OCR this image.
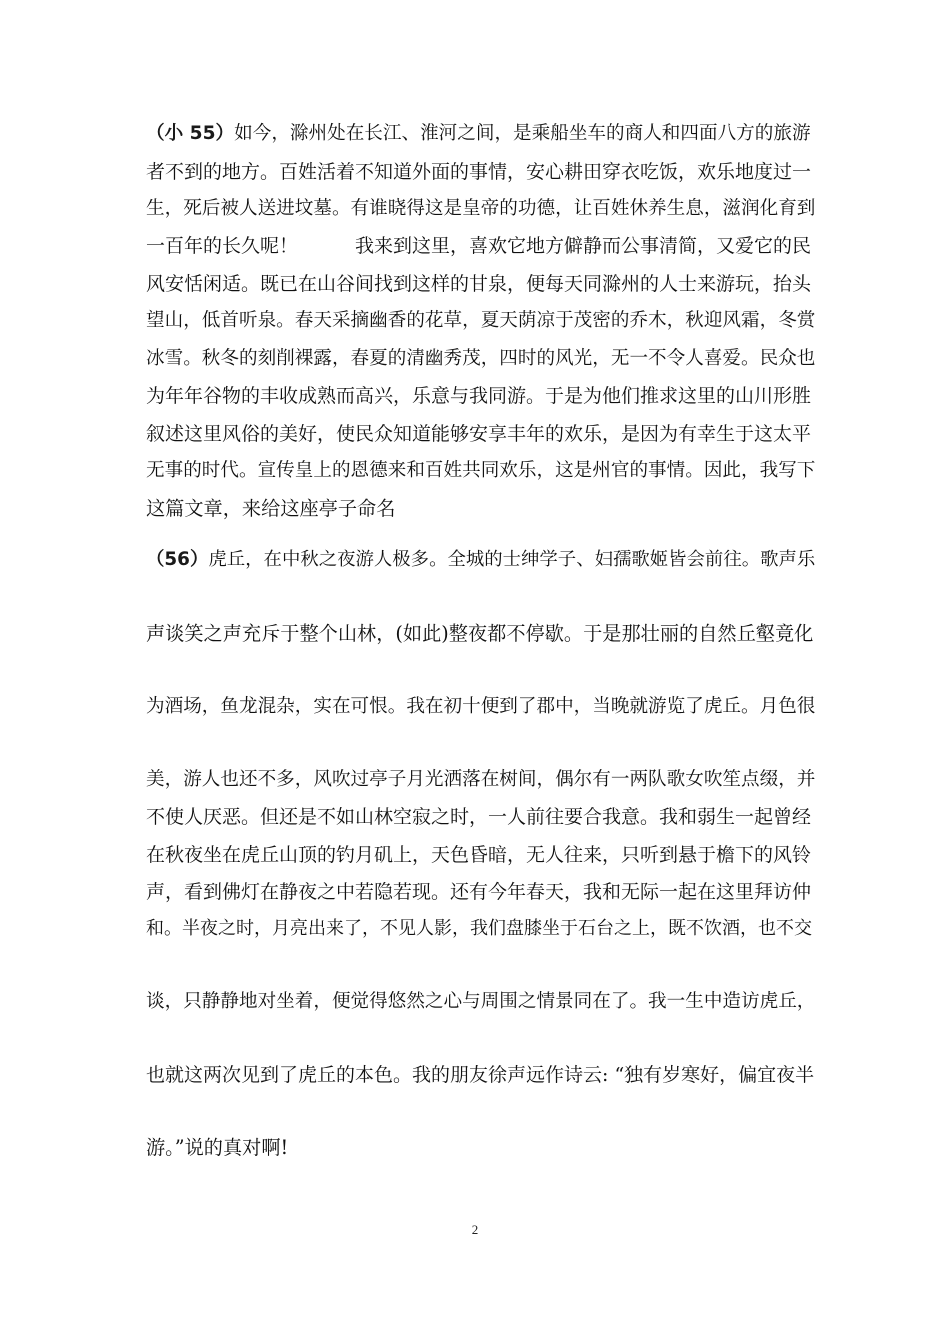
（小 55）如今，滁州处在长江、淮河之间，是乘船坐车的商人和四面八方的旅游
者不到的地方。百姓活着不知道外面的事情，安心耕田穿衣吃饭，欢乐地度过一
生，死后被人送进坟墓。有谁晓得这是皇帝的功德，让百姓休养生息，滋润化育到
一百年的长久呢！　　　我来到这里，喜欢它地方僻静而公事清简，又爱它的民
风安恬闲适。既已在山谷间找到这样的甘泉，便每天同滁州的人士来游玩，抬头
望山，低首听泉。春天采摘幽香的花草，夏天荫凉于茂密的乔木，秋迎风霜，冬赏
冰雪。秋冬的刻削裸露，春夏的清幽秀茂，四时的风光，无一不令人喜爱。民众也
为年年谷物的丰收成熟而高兴，乐意与我同游。于是为他们推求这里的山川形胜
叙述这里风俗的美好，使民众知道能够安享丰年的欢乐，是因为有幸生于这太平
无事的时代。宣传皇上的恩德来和百姓共同欢乐，这是州官的事情。因此，我写下
这篇文章，来给这座亭子命名
（56）虎丘，在中秋之夜游人极多。全城的士绅学子、妇孺歌姬皆会前往。歌声乐
声谈笑之声充斥于整个山林，(如此)整夜都不停歇。于是那壮丽的自然丘壑竟化
为酒场，鱼龙混杂，实在可恨。我在初十便到了郡中，当晚就游览了虎丘。月色很
美，游人也还不多，风吹过亭子月光洒落在树间，偶尔有一两队歌女吹笙点缀，并
不使人厌恶。但还是不如山林空寂之时，一人前往要合我意。我和弱生一起曾经
在秋夜坐在虎丘山顶的钓月矶上，天色昏暗，无人往来，只听到悬于檐下的风铃
声，看到佛灯在静夜之中若隐若现。还有今年春天，我和无际一起在这里拜访仲
和。半夜之时，月亮出来了，不见人影，我们盘膝坐于石台之上，既不饮酒，也不交
谈，只静静地对坐着，便觉得悠然之心与周围之情景同在了。我一生中造访虎丘，
也就这两次见到了虎丘的本色。我的朋友徐声远作诗云: “独有岁寒好，偏宜夜半
游。”说的真对啊!
2
